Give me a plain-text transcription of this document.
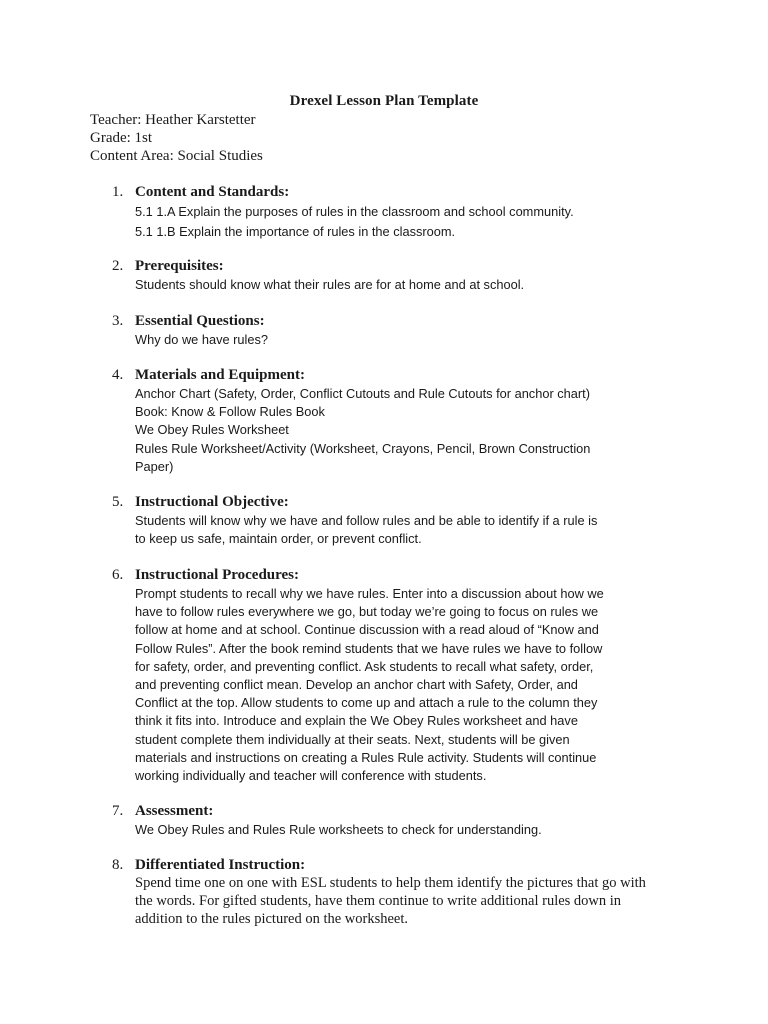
Drexel Lesson Plan Template
Teacher: Heather Karstetter
Grade: 1st
Content Area: Social Studies
1. Content and Standards:
5.1 1.A Explain the purposes of rules in the classroom and school community.
5.1 1.B Explain the importance of rules in the classroom.
2. Prerequisites:
Students should know what their rules are for at home and at school.
3. Essential Questions:
Why do we have rules?
4. Materials and Equipment:
Anchor Chart (Safety, Order, Conflict Cutouts and Rule Cutouts for anchor chart)
Book: Know & Follow Rules Book
We Obey Rules Worksheet
Rules Rule Worksheet/Activity (Worksheet, Crayons, Pencil, Brown Construction
Paper)
5. Instructional Objective:
Students will know why we have and follow rules and be able to identify if a rule is
to keep us safe, maintain order, or prevent conflict.
6. Instructional Procedures:
Prompt students to recall why we have rules. Enter into a discussion about how we
have to follow rules everywhere we go, but today we’re going to focus on rules we
follow at home and at school. Continue discussion with a read aloud of “Know and
Follow Rules”. After the book remind students that we have rules we have to follow
for safety, order, and preventing conflict. Ask students to recall what safety, order,
and preventing conflict mean. Develop an anchor chart with Safety, Order, and
Conflict at the top. Allow students to come up and attach a rule to the column they
think it fits into. Introduce and explain the We Obey Rules worksheet and have
student complete them individually at their seats. Next, students will be given
materials and instructions on creating a Rules Rule activity. Students will continue
working individually and teacher will conference with students.
7. Assessment:
We Obey Rules and Rules Rule worksheets to check for understanding.
8. Differentiated Instruction:
Spend time one on one with ESL students to help them identify the pictures that go with
the words. For gifted students, have them continue to write additional rules down in
addition to the rules pictured on the worksheet.
